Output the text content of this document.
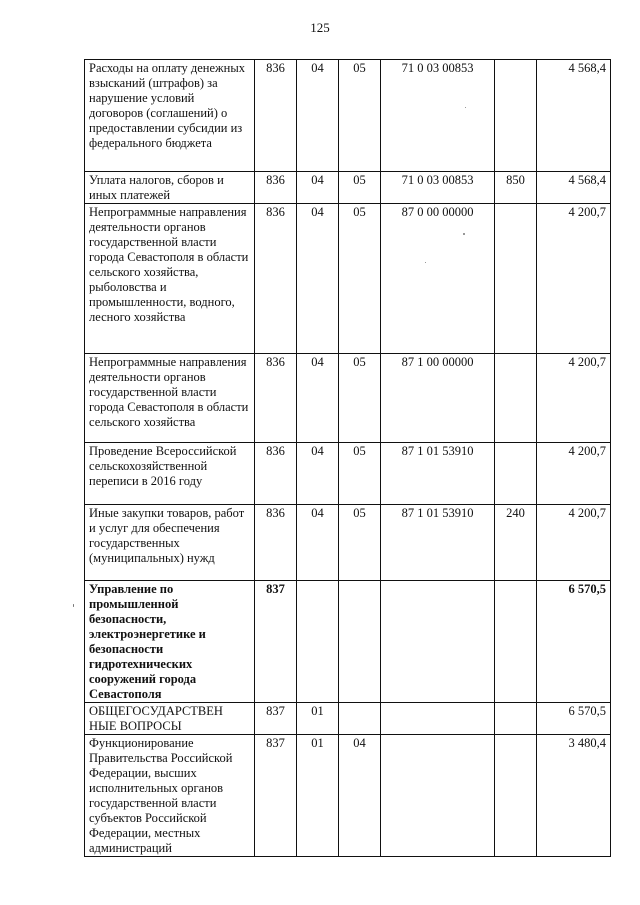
125
Расходы на оплату денежных взысканий (штрафов) за нарушение условий договоров (соглашений) о предоставлении субсидии из федерального бюджета	836	04	05	71 0 03 00853		4 568,4
Уплата налогов, сборов и иных платежей	836	04	05	71 0 03 00853	850	4 568,4
Непрограммные направления деятельности органов государственной власти города Севастополя в области сельского хозяйства, рыболовства и промышленности, водного, лесного хозяйства	836	04	05	87 0 00 00000		4 200,7
Непрограммные направления деятельности органов государственной власти города Севастополя в области сельского хозяйства	836	04	05	87 1 00 00000		4 200,7
Проведение Всероссийской сельскохозяйственной переписи в 2016 году	836	04	05	87 1 01 53910		4 200,7
Иные закупки товаров, работ и услуг для обеспечения государственных (муниципальных) нужд	836	04	05	87 1 01 53910	240	4 200,7
Управление по промышленной безопасности, электроэнергетике и безопасности гидротехнических сооружений города Севастополя	837					6 570,5
ОБЩЕГОСУДАРСТВЕН НЫЕ ВОПРОСЫ	837	01				6 570,5
Функционирование Правительства Российской Федерации, высших исполнительных органов государственной власти субъектов Российской Федерации, местных администраций	837	01	04			3 480,4
